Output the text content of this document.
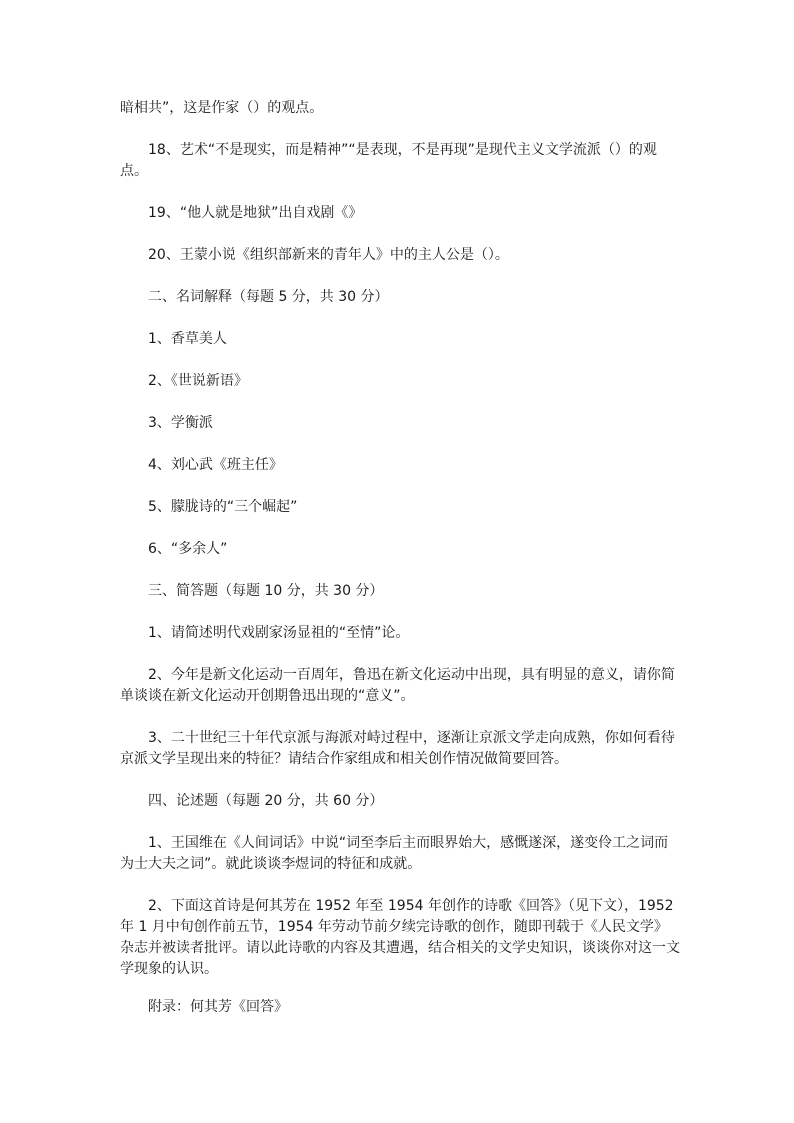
暗相共”，这是作家（）的观点。

18、艺术“不是现实，而是精神”“是表现，不是再现”是现代主义文学流派（）的观点。

19、“他人就是地狱”出自戏剧《》

20、王蒙小说《组织部新来的青年人》中的主人公是（）。

二、名词解释（每题 5 分，共 30 分）

1、香草美人

2、《世说新语》

3、学衡派

4、刘心武《班主任》

5、朦胧诗的“三个崛起”

6、“多余人”

三、简答题（每题 10 分，共 30 分）

1、请简述明代戏剧家汤显祖的“至情”论。

2、今年是新文化运动一百周年，鲁迅在新文化运动中出现，具有明显的意义，请你简单谈谈在新文化运动开创期鲁迅出现的“意义”。

3、二十世纪三十年代京派与海派对峙过程中，逐渐让京派文学走向成熟，你如何看待京派文学呈现出来的特征？请结合作家组成和相关创作情况做简要回答。

四、论述题（每题 20 分，共 60 分）

1、王国维在《人间词话》中说“词至李后主而眼界始大，感慨遂深，遂变伶工之词而为士大夫之词”。就此谈谈李煜词的特征和成就。

2、下面这首诗是何其芳在 1952 年至 1954 年创作的诗歌《回答》（见下文），1952 年 1 月中旬创作前五节，1954 年劳动节前夕续完诗歌的创作，随即刊载于《人民文学》杂志并被读者批评。请以此诗歌的内容及其遭遇，结合相关的文学史知识，谈谈你对这一文学现象的认识。

附录：何其芳《回答》
